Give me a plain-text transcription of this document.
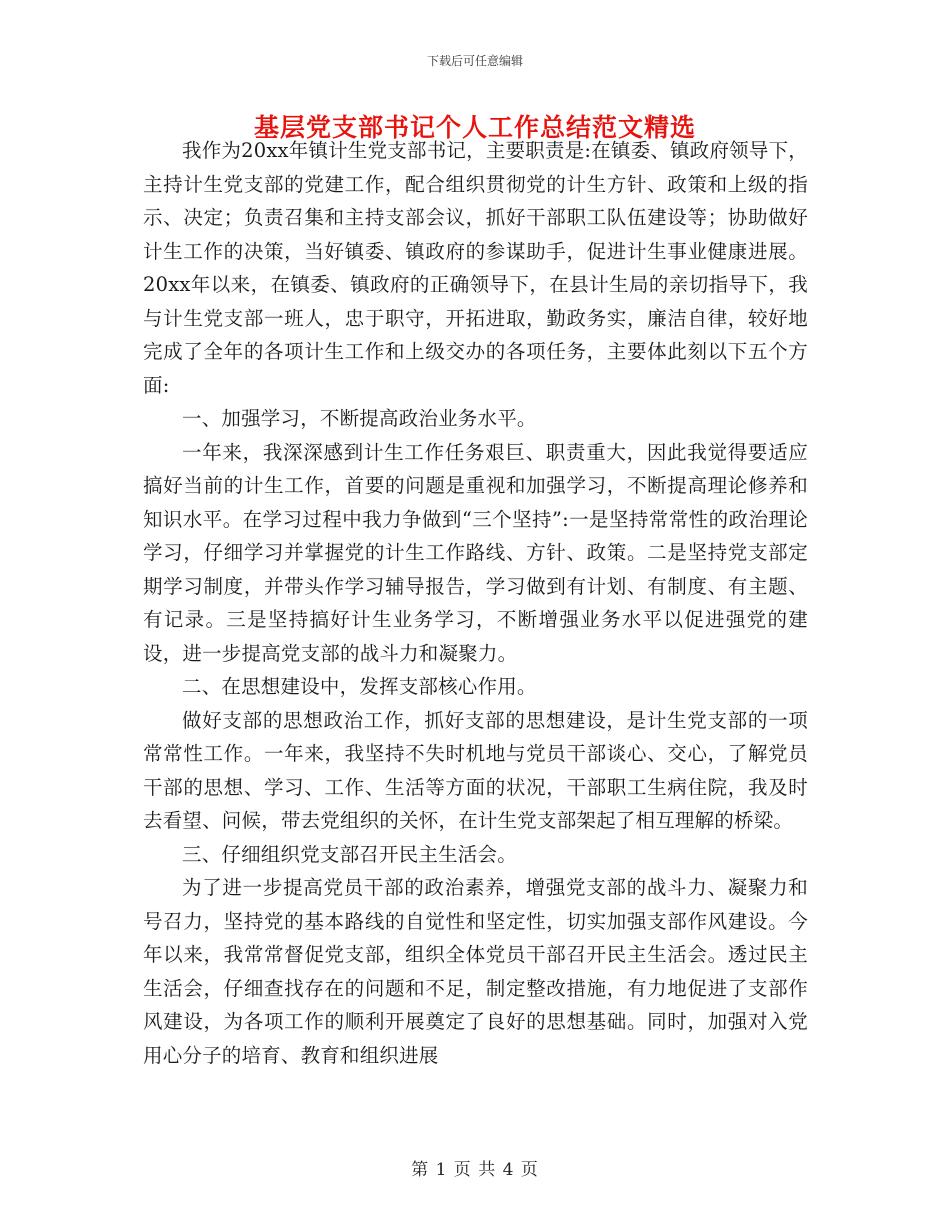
下载后可任意编辑
基层党支部书记个人工作总结范文精选

我作为20xx年镇计生党支部书记，主要职责是:在镇委、镇政府领导下，主持计生党支部的党建工作，配合组织贯彻党的计生方针、政策和上级的指示、决定；负责召集和主持支部会议，抓好干部职工队伍建设等；协助做好计生工作的决策，当好镇委、镇政府的参谋助手，促进计生事业健康进展。20xx年以来，在镇委、镇政府的正确领导下，在县计生局的亲切指导下，我与计生党支部一班人，忠于职守，开拓进取，勤政务实，廉洁自律，较好地完成了全年的各项计生工作和上级交办的各项任务，主要体此刻以下五个方面:

一、加强学习，不断提高政治业务水平。

一年来，我深深感到计生工作任务艰巨、职责重大，因此我觉得要适应搞好当前的计生工作，首要的问题是重视和加强学习，不断提高理论修养和知识水平。在学习过程中我力争做到“三个坚持”:一是坚持常常性的政治理论学习，仔细学习并掌握党的计生工作路线、方针、政策。二是坚持党支部定期学习制度，并带头作学习辅导报告，学习做到有计划、有制度、有主题、有记录。三是坚持搞好计生业务学习，不断增强业务水平以促进强党的建设，进一步提高党支部的战斗力和凝聚力。

二、在思想建设中，发挥支部核心作用。

做好支部的思想政治工作，抓好支部的思想建设，是计生党支部的一项常常性工作。一年来，我坚持不失时机地与党员干部谈心、交心，了解党员干部的思想、学习、工作、生活等方面的状况，干部职工生病住院，我及时去看望、问候，带去党组织的关怀，在计生党支部架起了相互理解的桥梁。

三、仔细组织党支部召开民主生活会。

为了进一步提高党员干部的政治素养，增强党支部的战斗力、凝聚力和号召力，坚持党的基本路线的自觉性和坚定性，切实加强支部作风建设。今年以来，我常常督促党支部，组织全体党员干部召开民主生活会。透过民主生活会，仔细查找存在的问题和不足，制定整改措施，有力地促进了支部作风建设，为各项工作的顺利开展奠定了良好的思想基础。同时，加强对入党用心分子的培育、教育和组织进展

第 1 页 共 4 页
